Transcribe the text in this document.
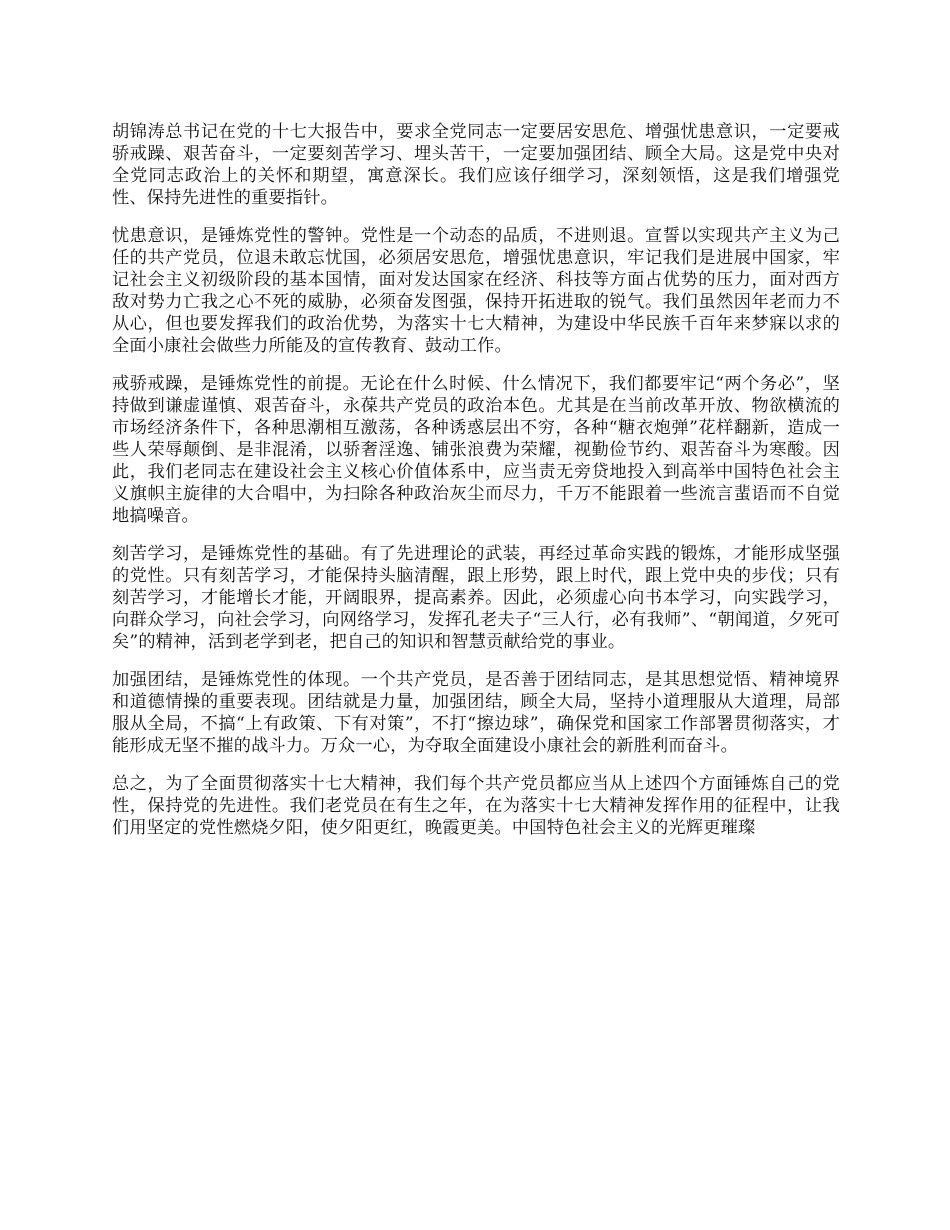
胡锦涛总书记在党的十七大报告中，要求全党同志一定要居安思危、增强忧患意识，一定要戒骄戒躁、艰苦奋斗，一定要刻苦学习、埋头苦干，一定要加强团结、顾全大局。这是党中央对全党同志政治上的关怀和期望，寓意深长。我们应该仔细学习，深刻领悟，这是我们增强党性、保持先进性的重要指针。

忧患意识，是锤炼党性的警钟。党性是一个动态的品质，不进则退。宣誓以实现共产主义为己任的共产党员，位退未敢忘忧国，必须居安思危，增强忧患意识，牢记我们是进展中国家，牢记社会主义初级阶段的基本国情，面对发达国家在经济、科技等方面占优势的压力，面对西方敌对势力亡我之心不死的威胁，必须奋发图强，保持开拓进取的锐气。我们虽然因年老而力不从心，但也要发挥我们的政治优势，为落实十七大精神，为建设中华民族千百年来梦寐以求的全面小康社会做些力所能及的宣传教育、鼓动工作。

戒骄戒躁，是锤炼党性的前提。无论在什么时候、什么情况下，我们都要牢记“两个务必”，坚持做到谦虚谨慎、艰苦奋斗，永葆共产党员的政治本色。尤其是在当前改革开放、物欲横流的市场经济条件下，各种思潮相互激荡，各种诱惑层出不穷，各种“糖衣炮弹”花样翻新，造成一些人荣辱颠倒、是非混淆，以骄奢淫逸、铺张浪费为荣耀，视勤俭节约、艰苦奋斗为寒酸。因此，我们老同志在建设社会主义核心价值体系中，应当责无旁贷地投入到高举中国特色社会主义旗帜主旋律的大合唱中，为扫除各种政治灰尘而尽力，千万不能跟着一些流言蜚语而不自觉地搞噪音。

刻苦学习，是锤炼党性的基础。有了先进理论的武装，再经过革命实践的锻炼，才能形成坚强的党性。只有刻苦学习，才能保持头脑清醒，跟上形势，跟上时代，跟上党中央的步伐；只有刻苦学习，才能增长才能，开阔眼界，提高素养。因此，必须虚心向书本学习，向实践学习，向群众学习，向社会学习，向网络学习，发挥孔老夫子“三人行，必有我师”、“朝闻道，夕死可矣”的精神，活到老学到老，把自己的知识和智慧贡献给党的事业。

加强团结，是锤炼党性的体现。一个共产党员，是否善于团结同志，是其思想觉悟、精神境界和道德情操的重要表现。团结就是力量，加强团结，顾全大局，坚持小道理服从大道理，局部服从全局，不搞“上有政策、下有对策”，不打“擦边球”，确保党和国家工作部署贯彻落实，才能形成无坚不摧的战斗力。万众一心，为夺取全面建设小康社会的新胜利而奋斗。

总之，为了全面贯彻落实十七大精神，我们每个共产党员都应当从上述四个方面锤炼自己的党性，保持党的先进性。我们老党员在有生之年，在为落实十七大精神发挥作用的征程中，让我们用坚定的党性燃烧夕阳，使夕阳更红，晚霞更美。中国特色社会主义的光辉更璀璨
